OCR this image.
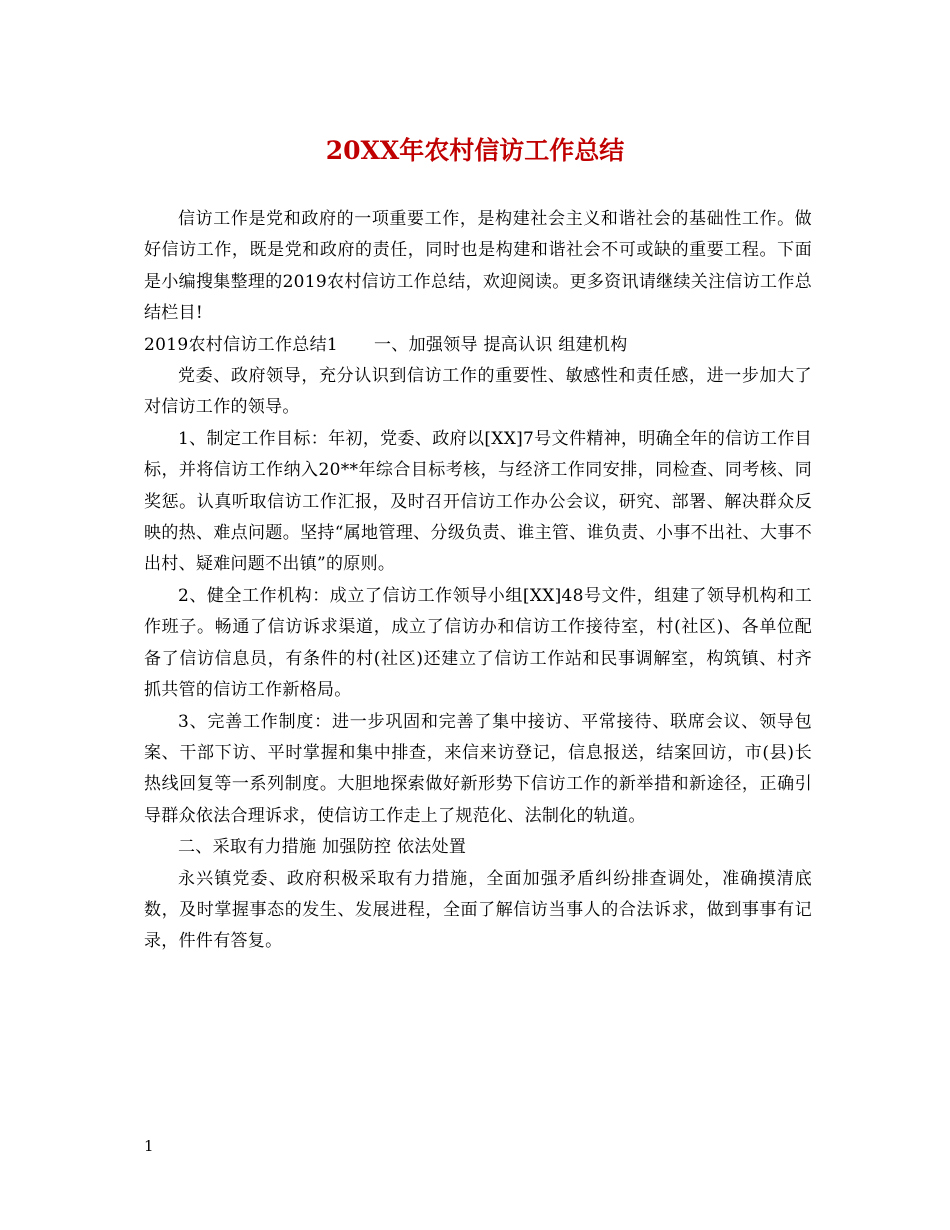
20XX年农村信访工作总结

信访工作是党和政府的一项重要工作，是构建社会主义和谐社会的基础性工作。做好信访工作，既是党和政府的责任，同时也是构建和谐社会不可或缺的重要工程。下面是小编搜集整理的2019农村信访工作总结，欢迎阅读。更多资讯请继续关注信访工作总结栏目!

2019农村信访工作总结1 一、加强领导 提高认识 组建机构

党委、政府领导，充分认识到信访工作的重要性、敏感性和责任感，进一步加大了对信访工作的领导。

1、制定工作目标：年初，党委、政府以[XX]7号文件精神，明确全年的信访工作目标，并将信访工作纳入20**年综合目标考核，与经济工作同安排，同检查、同考核、同奖惩。认真听取信访工作汇报，及时召开信访工作办公会议，研究、部署、解决群众反映的热、难点问题。坚持“属地管理、分级负责、谁主管、谁负责、小事不出社、大事不出村、疑难问题不出镇”的原则。

2、健全工作机构：成立了信访工作领导小组[XX]48号文件，组建了领导机构和工作班子。畅通了信访诉求渠道，成立了信访办和信访工作接待室，村(社区)、各单位配备了信访信息员，有条件的村(社区)还建立了信访工作站和民事调解室，构筑镇、村齐抓共管的信访工作新格局。

3、完善工作制度：进一步巩固和完善了集中接访、平常接待、联席会议、领导包案、干部下访、平时掌握和集中排查，来信来访登记，信息报送，结案回访，市(县)长热线回复等一系列制度。大胆地探索做好新形势下信访工作的新举措和新途径，正确引导群众依法合理诉求，使信访工作走上了规范化、法制化的轨道。

二、采取有力措施 加强防控 依法处置

永兴镇党委、政府积极采取有力措施，全面加强矛盾纠纷排查调处，准确摸清底数，及时掌握事态的发生、发展进程，全面了解信访当事人的合法诉求，做到事事有记录，件件有答复。

1
